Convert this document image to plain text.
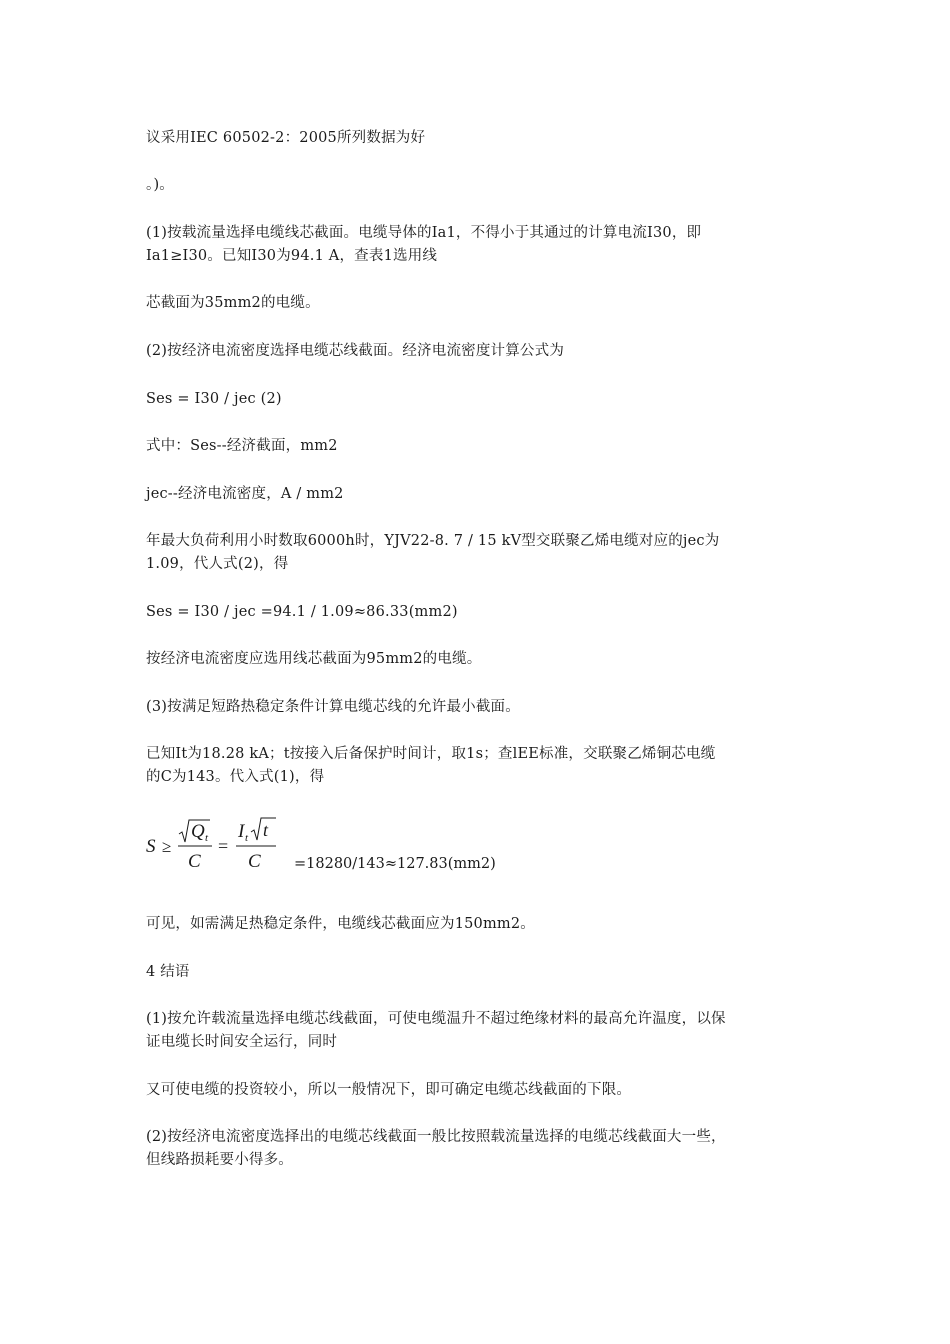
议采用IEC 60502-2：2005所列数据为好
。)。
(1)按载流量选择电缆线芯截面。电缆导体的Ia1，不得小于其通过的计算电流I30，即
Ia1≥I30。已知I30为94.1 A，查表1选用线
芯截面为35mm2的电缆。
(2)按经济电流密度选择电缆芯线截面。经济电流密度计算公式为
Ses = I30 / jec (2)
式中：Ses--经济截面，mm2
jec--经济电流密度，A / mm2
年最大负荷利用小时数取6000h时，YJV22-8. 7 / 15 kV型交联聚乙烯电缆对应的jec为
1.09，代人式(2)，得
Ses = I30 / jec =94.1 / 1.09≈86.33(mm2)
按经济电流密度应选用线芯截面为95mm2的电缆。
(3)按满足短路热稳定条件计算电缆芯线的允许最小截面。
已知It为18.28 kA；t按接入后备保护时间计，取1s；查lEE标准，交联聚乙烯铜芯电缆
的C为143。代入式(1)，得
S ≥
Q t
C
=
I t t
C =18280/143≈127.83(mm2)
可见，如需满足热稳定条件，电缆线芯截面应为150mm2。
4 结语
(1)按允许载流量选择电缆芯线截面，可使电缆温升不超过绝缘材料的最高允许温度，以保
证电缆长时间安全运行，同时
又可使电缆的投资较小，所以一般情况下，即可确定电缆芯线截面的下限。
(2)按经济电流密度选择出的电缆芯线截面一般比按照载流量选择的电缆芯线截面大一些，
但线路损耗要小得多。
